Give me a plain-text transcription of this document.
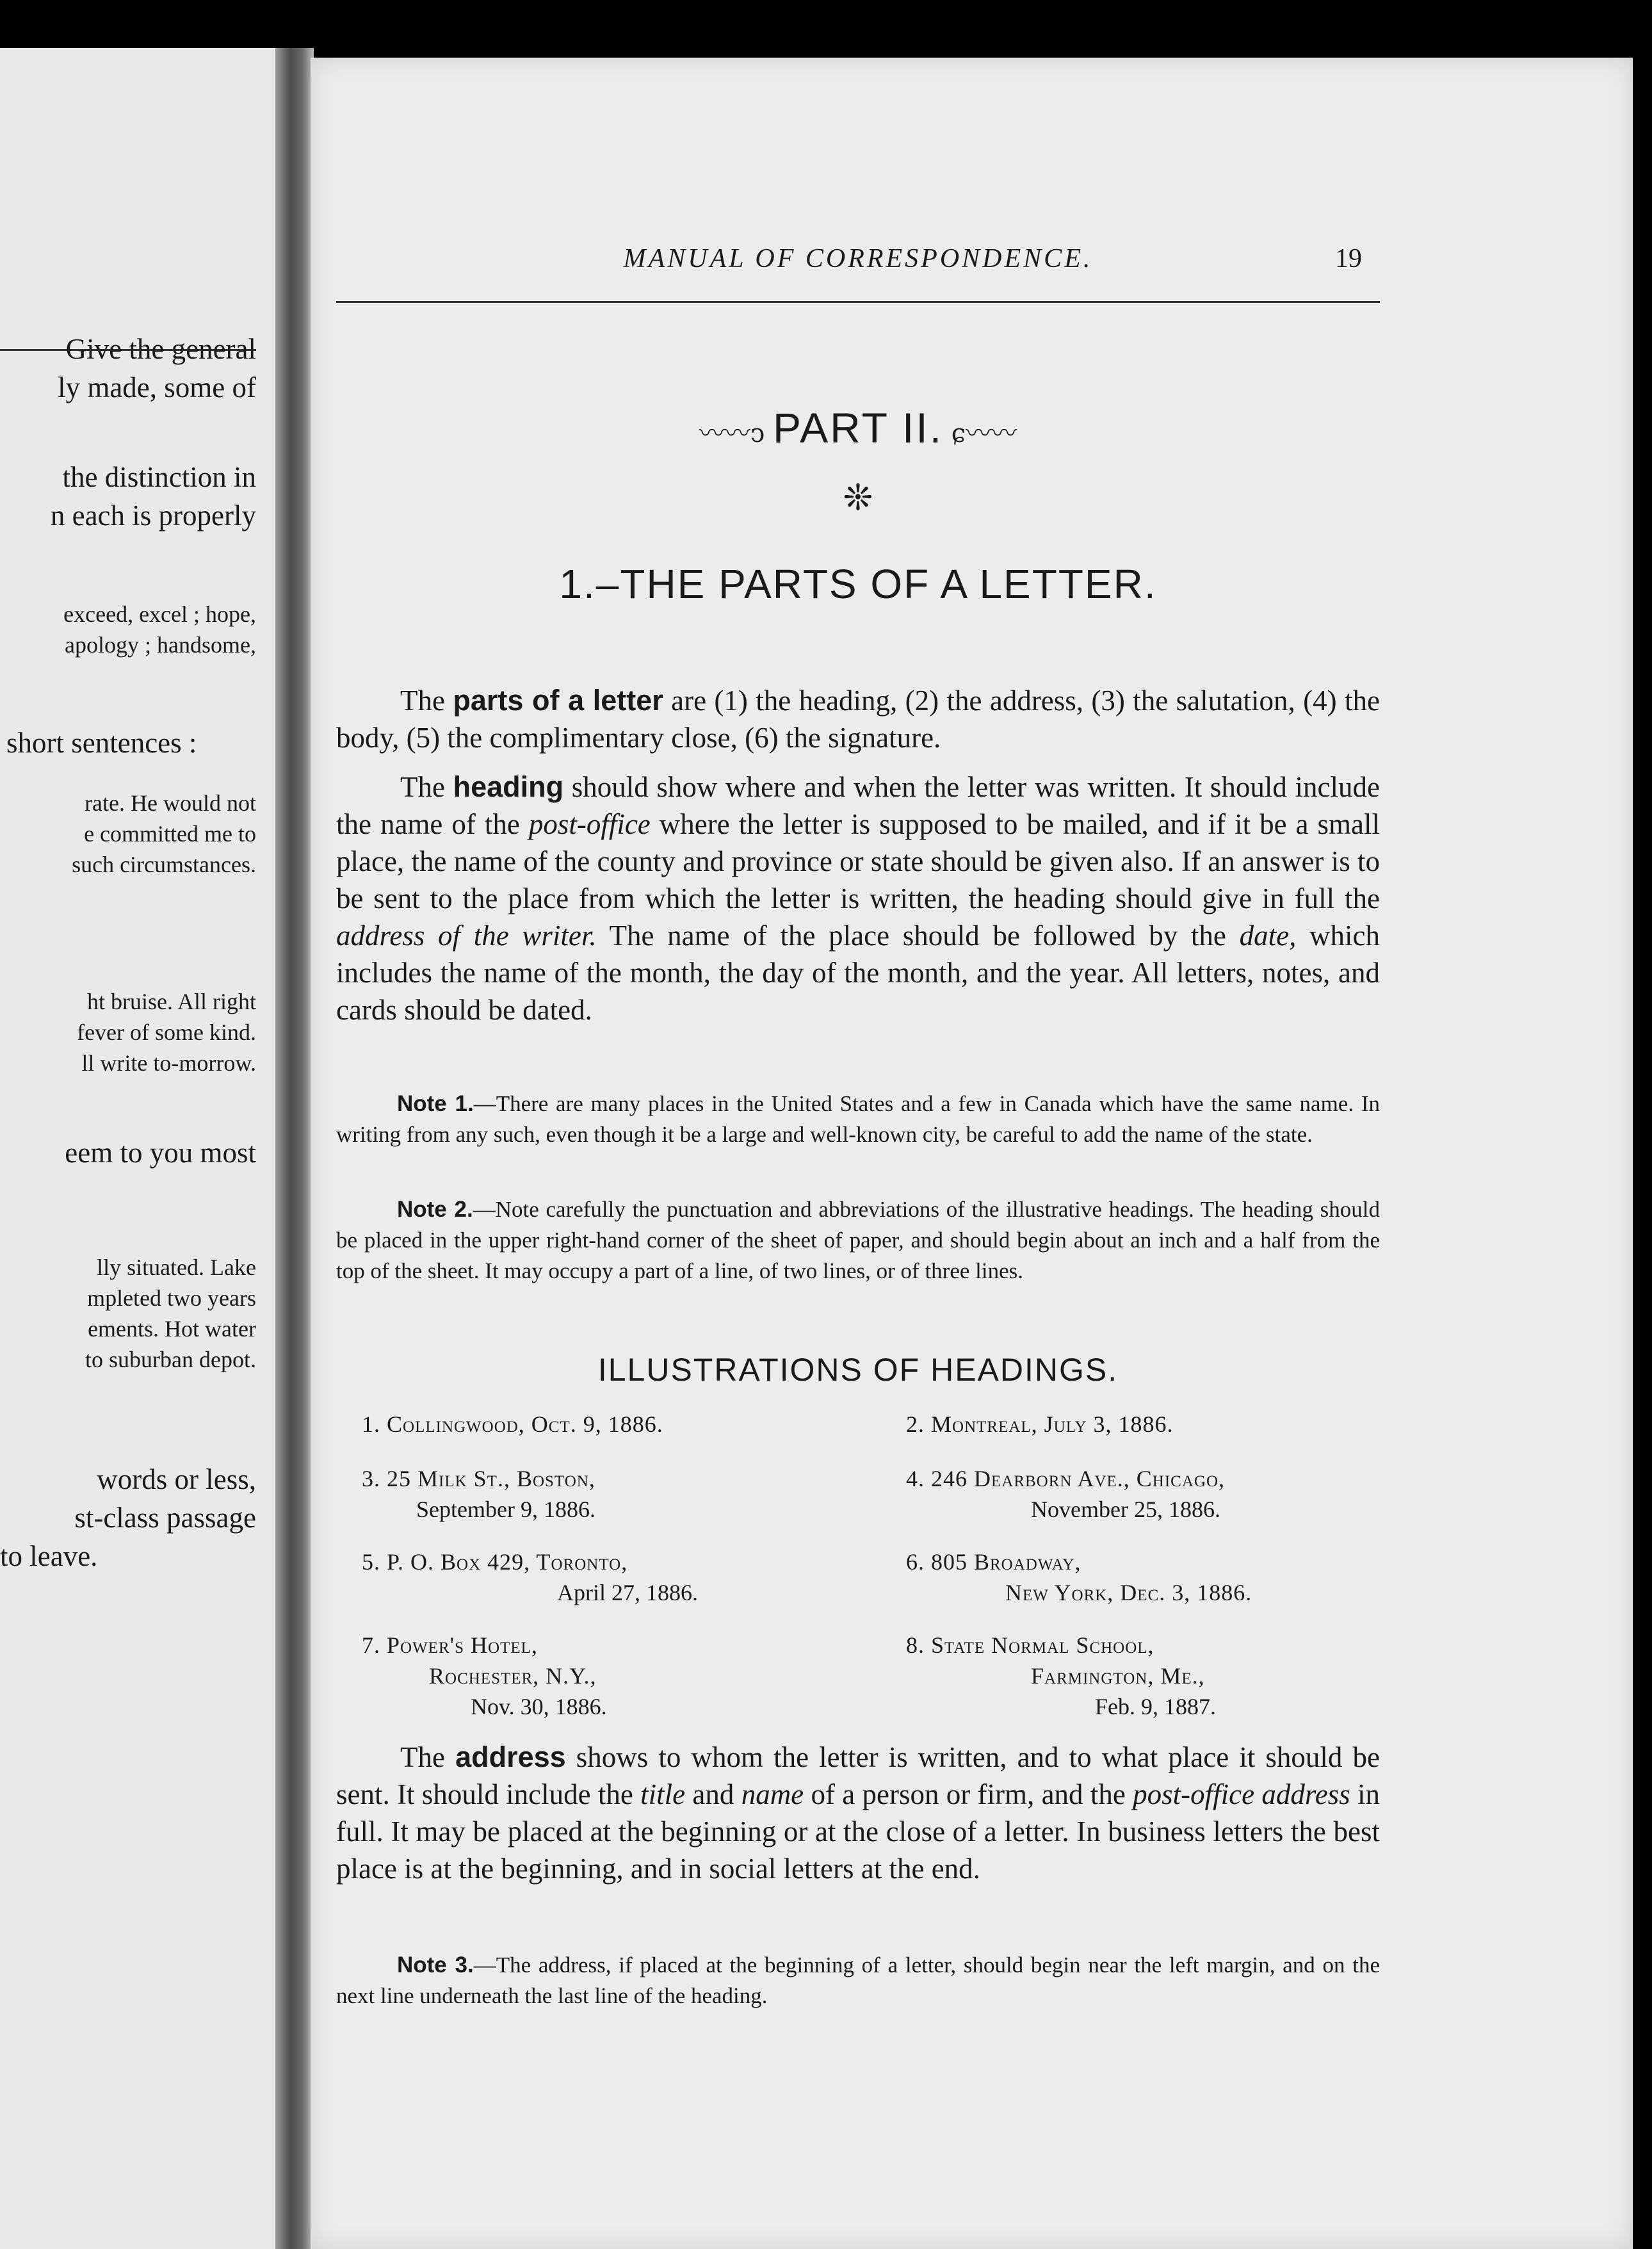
Give the general

ly made, some of

the distinction in

n each is properly

exceed, excel ; hope,

apology ; handsome,

short sentences :

rate. He would not

e committed me to

such circumstances.

ht bruise. All right

fever of some kind.

ll write to-morrow.

eem to you most

lly situated. Lake

mpleted two years

ements. Hot water

to suburban depot.

words or less,

st-class passage

to leave.

MANUAL OF CORRESPONDENCE.	19
〰〰ↄ PART II. ɕ〰〰
❊
1.–THE PARTS OF A LETTER.

The parts of a letter are (1) the heading, (2) the address, (3) the salutation, (4) the body, (5) the complimentary close, (6) the signature.

The heading should show where and when the letter was written. It should include the name of the post-office where the letter is supposed to be mailed, and if it be a small place, the name of the county and province or state should be given also. If an answer is to be sent to the place from which the letter is written, the heading should give in full the address of the writer. The name of the place should be followed by the date, which includes the name of the month, the day of the month, and the year. All letters, notes, and cards should be dated.

Note 1.—There are many places in the United States and a few in Canada which have the same name. In writing from any such, even though it be a large and well-known city, be careful to add the name of the state.

Note 2.—Note carefully the punctuation and abbreviations of the illustrative headings. The heading should be placed in the upper right-hand corner of the sheet of paper, and should begin about an inch and a half from the top of the sheet. It may occupy a part of a line, of two lines, or of three lines.

ILLUSTRATIONS OF HEADINGS.
1. Collingwood, Oct. 9, 1886.	2. Montreal, July 3, 1886.
3. 25 Milk St., Boston,
September 9, 1886.
4. 246 Dearborn Ave., Chicago,
November 25, 1886.
5. P. O. Box 429, Toronto,
April 27, 1886.
6. 805 Broadway,
New York, Dec. 3, 1886.
7. Power's Hotel,
Rochester, N.Y.,
Nov. 30, 1886.
8. State Normal School,
Farmington, Me.,
Feb. 9, 1887.

The address shows to whom the letter is written, and to what place it should be sent. It should include the title and name of a person or firm, and the post-office address in full. It may be placed at the beginning or at the close of a letter. In business letters the best place is at the beginning, and in social letters at the end.

Note 3.—The address, if placed at the beginning of a letter, should begin near the left margin, and on the next line underneath the last line of the heading.
